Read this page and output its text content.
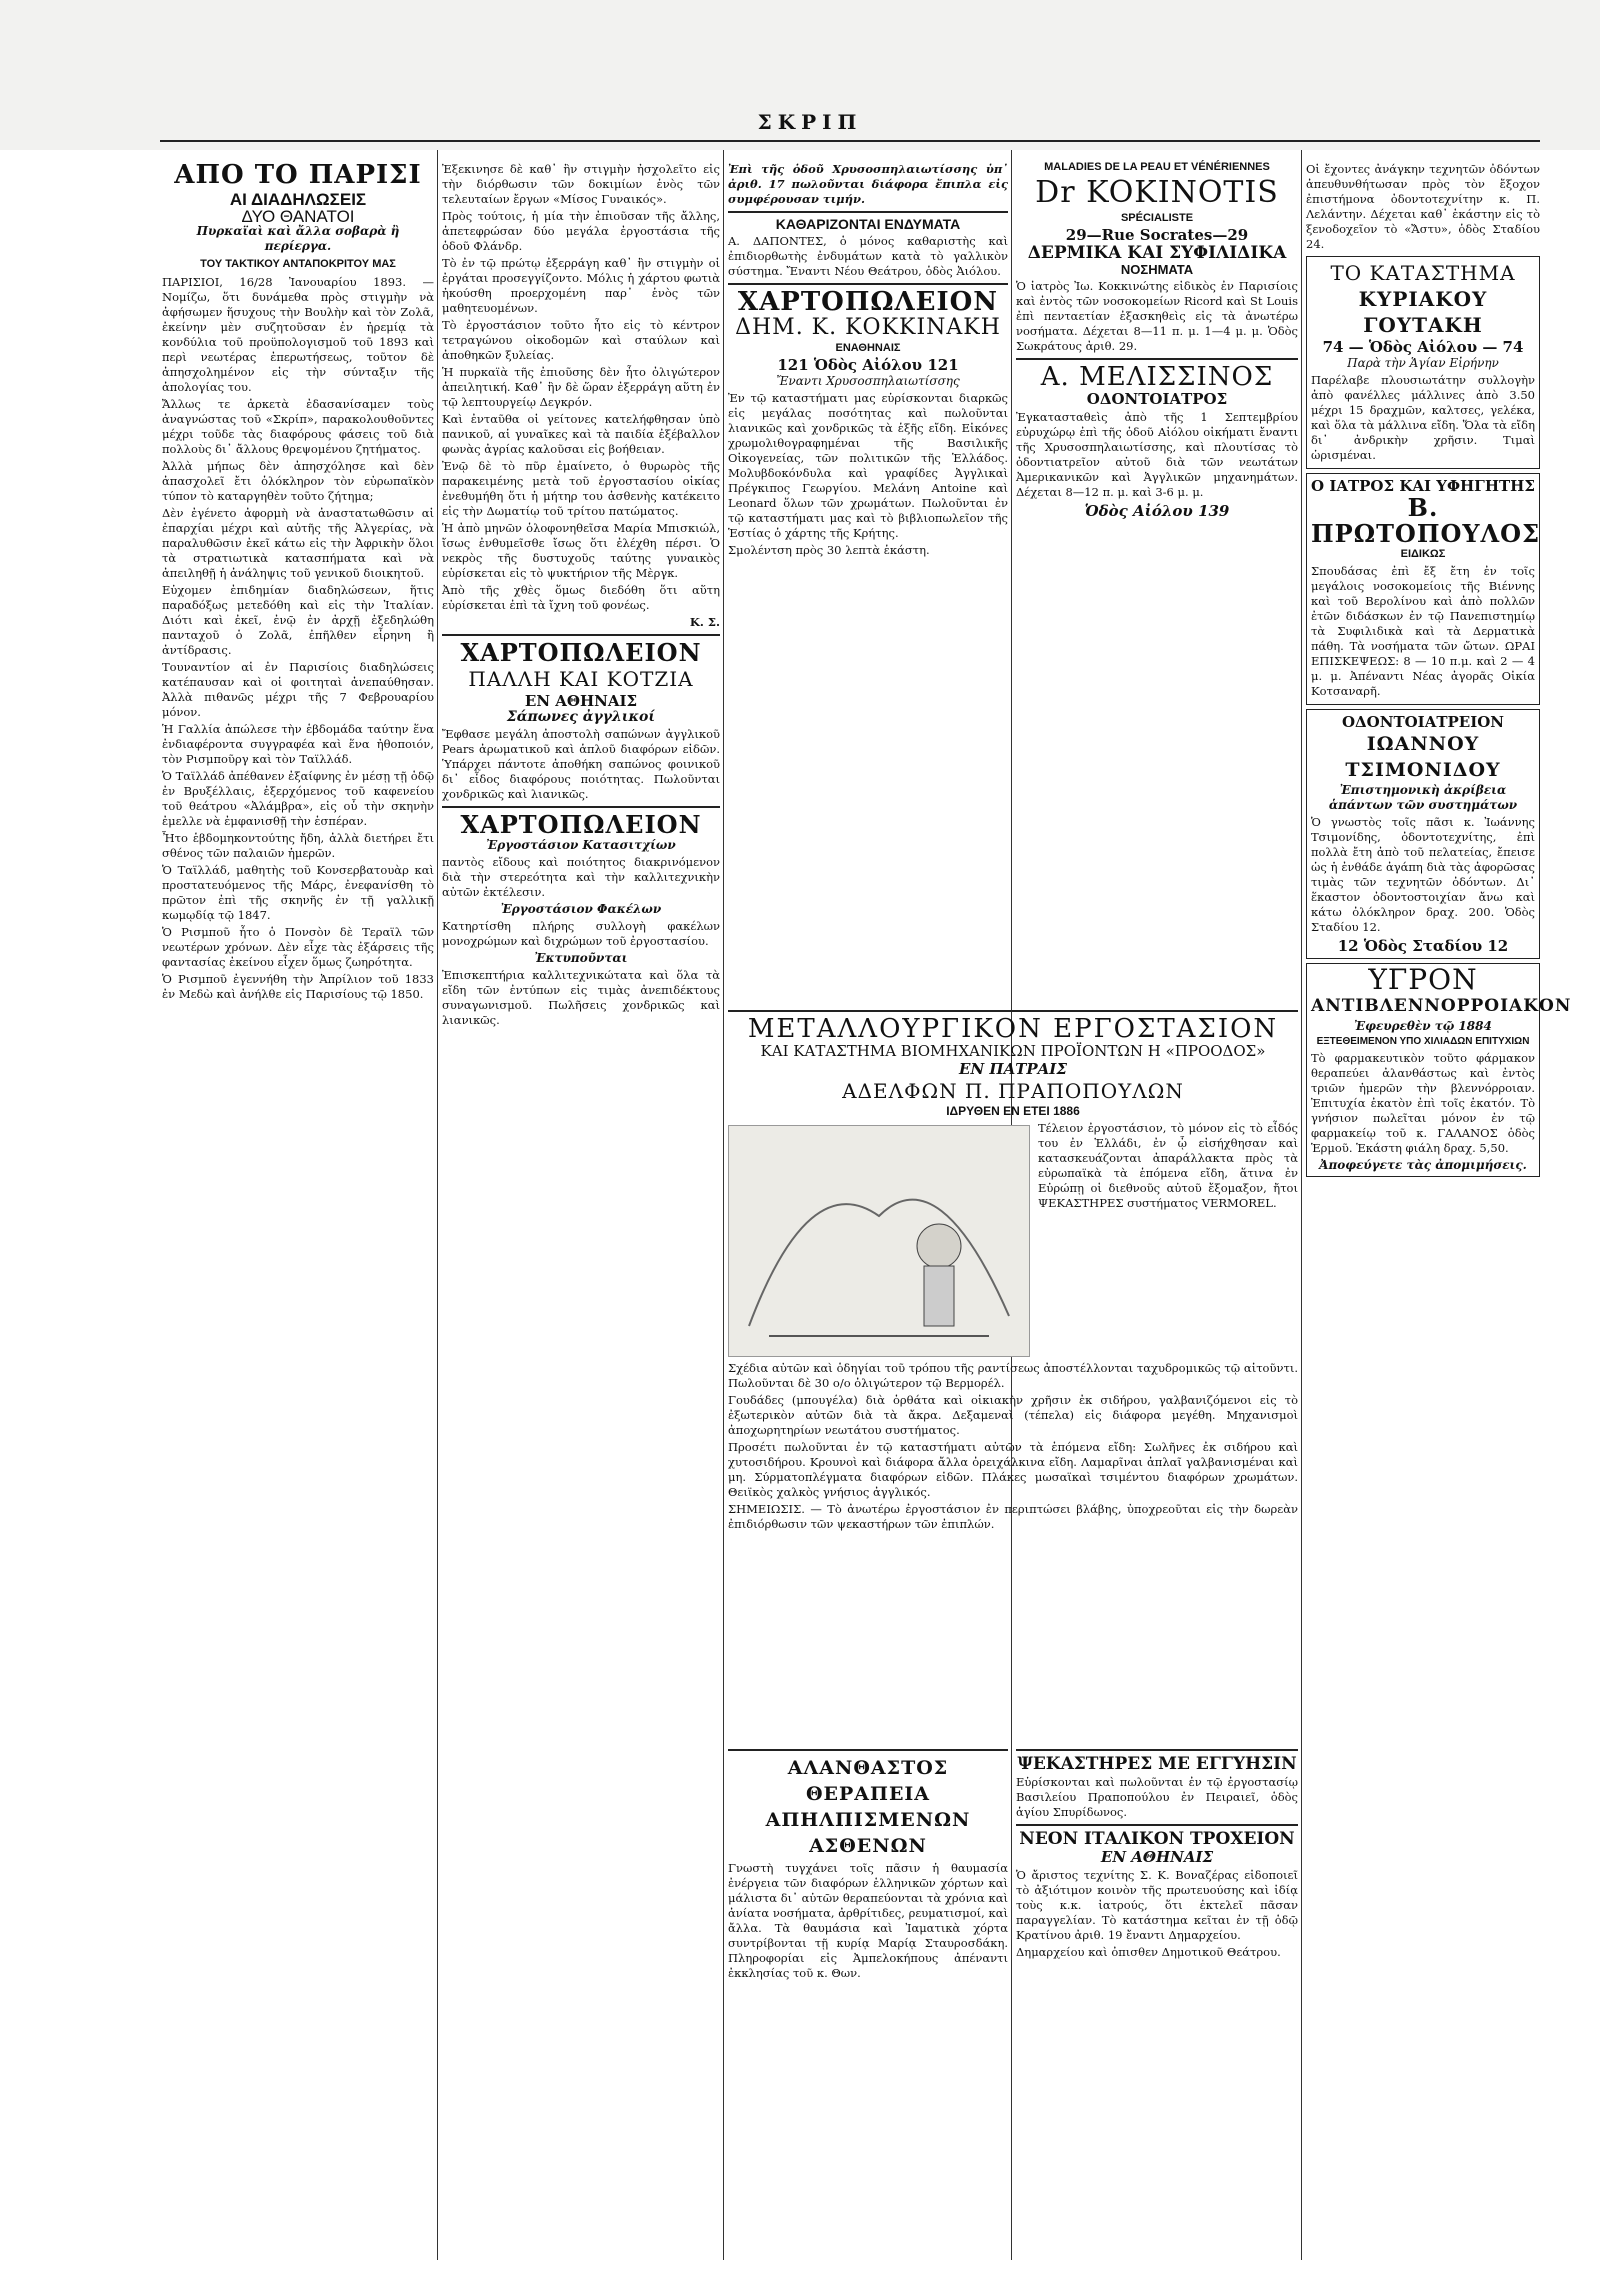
ΣΚΡΙΠ
ΑΠΟ ΤΟ ΠΑΡΙΣΙ
ΑΙ ΔΙΑΔΗΛΩΣΕΙΣ
ΔΥΟ ΘΑΝΑΤΟΙ
Πυρκαϊαὶ καὶ ἄλλα σοβαρὰ ἢ περίεργα.
ΤΟΥ ΤΑΚΤΙΚΟΥ ΑΝΤΑΠΟΚΡΙΤΟΥ ΜΑΣ

ΠΑΡΙΣΙΟΙ, 16/28 Ἰανουαρίου 1893. — Νομίζω, ὅτι δυνάμεθα πρὸς στιγμὴν νὰ ἀφήσωμεν ἥσυχους τὴν Βουλὴν καὶ τὸν Ζολᾶ, ἐκείνην μὲν συζητοῦσαν ἐν ἠρεμίᾳ τὰ κονδύλια τοῦ προϋπολογισμοῦ τοῦ 1893 καὶ περὶ νεωτέρας ἐπερωτήσεως, τοῦτον δὲ ἀπησχολημένον εἰς τὴν σύνταξιν τῆς ἀπολογίας του.

Ἄλλως τε ἀρκετὰ ἐδασανίσαμεν τοὺς ἀναγνώστας τοῦ «Σκρίπ», παρακολουθοῦντες μέχρι τοῦδε τὰς διαφόρους φάσεις τοῦ διὰ πολλοὺς δι᾽ ἄλλους θρεψομένου ζητήματος.

Ἀλλὰ μήπως δὲν ἀπησχόλησε καὶ δὲν ἀπασχολεῖ ἔτι ὁλόκληρον τὸν εὐρωπαϊκὸν τύπον τὸ καταργηθὲν τοῦτο ζήτημα;

Δὲν ἐγένετο ἀφορμὴ νὰ ἀναστατωθῶσιν αἱ ἐπαρχίαι μέχρι καὶ αὐτῆς τῆς Ἀλγερίας, νὰ παραλυθῶσιν ἐκεῖ κάτω εἰς τὴν Ἀφρικὴν ὅλοι τὰ στρατιωτικὰ κατασπήματα καὶ νὰ ἀπειληθῇ ἡ ἀνάληψις τοῦ γενικοῦ διοικητοῦ.

Εὐχομεν ἐπιδημίαν διαδηλώσεων, ἥτις παραδόξως μετεδόθη καὶ εἰς τὴν Ἰταλίαν. Διότι καὶ ἐκεῖ, ἐνῷ ἐν ἀρχῇ ἐξεδηλώθη πανταχοῦ ὁ Ζολᾶ, ἐπῆλθεν εἶρηνη ἢ ἀντίδρασις.

Τουναντίον αἱ ἐν Παρισίοις διαδηλώσεις κατέπαυσαν καὶ οἱ φοιτηταὶ ἀνεπαύθησαν. Ἀλλὰ πιθανῶς μέχρι τῆς 7 Φεβρουαρίου μόνον.

Ἡ Γαλλία ἀπώλεσε τὴν ἑβδομάδα ταύτην ἕνα ἐνδιαφέροντα συγγραφέα καὶ ἕνα ἠθοποιόν, τὸν Ρισμποῦργ καὶ τὸν Ταϊλλάδ.

Ὁ Ταϊλλάδ ἀπέθανεν ἐξαίφνης ἐν μέσῃ τῇ ὁδῷ ἐν Βρυξέλλαις, ἐξερχόμενος τοῦ καφενείου τοῦ θεάτρου «Ἀλάμβρα», εἰς οὗ τὴν σκηνὴν ἐμελλε νὰ ἐμφανισθῇ τὴν ἑσπέραν.

Ἦτο ἑβδομηκοντούτης ἤδη, ἀλλὰ διετήρει ἔτι σθένος τῶν παλαιῶν ἡμερῶν.

Ὁ Ταϊλλάδ, μαθητὴς τοῦ Κονσερβατουὰρ καὶ προστατευόμενος τῆς Μάρς, ἐνεφανίσθη τὸ πρῶτον ἐπὶ τῆς σκηνῆς ἐν τῇ γαλλικῇ κωμῳδίᾳ τῷ 1847.

Ὁ Ρισμποῦ ἦτο ὁ Πονσὸν δὲ Τεραϊλ τῶν νεωτέρων χρόνων. Δὲν εἶχε τὰς ἐξάρσεις τῆς φαντασίας ἐκείνου εἶχεν ὅμως ζωηρότητα.

Ὁ Ρισμποῦ ἐγεννήθη τὴν Ἀπρίλιον τοῦ 1833 ἐν Μεδὼ καὶ ἀνήλθε εἰς Παρισίους τῷ 1850.

Ἐξεκινησε δὲ καθ᾽ ἣν στιγμὴν ἠσχολεῖτο εἰς τὴν διόρθωσιν τῶν δοκιμίων ἑνὸς τῶν τελευταίων ἔργων «Μίσος Γυναικός».

Πρὸς τούτοις, ἡ μία τὴν ἐπιοῦσαν τῆς ἄλλης, ἀπετεφρώσαν δύο μεγάλα ἐργοστάσια τῆς ὁδοῦ Φλάνδρ.

Τὸ ἐν τῷ πρώτῳ ἐξερράγη καθ᾽ ἣν στιγμὴν οἱ ἐργάται προσεγγίζοντο. Μόλις ἡ χάρτου φωτιὰ ἠκούσθη προερχομένη παρ᾽ ἑνὸς τῶν μαθητευομένων.

Τὸ ἐργοστάσιον τοῦτο ἦτο εἰς τὸ κέντρον τετραγώνου οἰκοδομῶν καὶ σταύλων καὶ ἀποθηκῶν ξυλείας.

Ἡ πυρκαϊὰ τῆς ἐπιοῦσης δὲν ἦτο ὀλιγώτερον ἀπειλητική. Καθ᾽ ἣν δὲ ὥραν ἐξερράγη αὕτη ἐν τῷ λεπτουργείῳ Δεγκρόν.

Καὶ ἐνταῦθα οἱ γείτονες κατελήφθησαν ὑπὸ πανικοῦ, αἱ γυναῖκες καὶ τὰ παιδία ἐξέβαλλον φωνὰς ἀγρίας καλοῦσαι εἰς βοήθειαν.

Ἐνῷ δὲ τὸ πῦρ ἐμαίνετο, ὁ θυρωρὸς τῆς παρακειμένης μετὰ τοῦ ἐργοστασίου οἰκίας ἐνεθυμήθη ὅτι ἡ μήτηρ του ἀσθενὴς κατέκειτο εἰς τὴν Δωματίῳ τοῦ τρίτου πατώματος.

Ἡ ἀπὸ μηνῶν ὁλοφονηθεῖσα Μαρία Μπισκιώλ, ἴσως ἐνθυμεῖσθε ἴσως ὅτι ἐλέχθη πέρσι. Ὁ νεκρὸς τῆς δυστυχοῦς ταύτης γυναικὸς εὑρίσκεται εἰς τὸ ψυκτήριον τῆς Μὲργκ.

Ἀπὸ τῆς χθὲς ὅμως διεδόθη ὅτι αὕτη εὑρίσκεται ἐπὶ τὰ ἴχνη τοῦ φονέως.

Κ. Σ.
ΧΑΡΤΟΠΩΛΕΙΟΝ
ΠΑΛΛΗ ΚΑΙ ΚΟΤΖΙΑ
ΕΝ ΑΘΗΝΑΙΣ
Σάπωνες ἀγγλικοί

Ἔφθασε μεγάλη ἀποστολὴ σαπώνων ἀγγλικοῦ Pears ἀρωματικοῦ καὶ ἁπλοῦ διαφόρων εἰδῶν. Ὑπάρχει πάντοτε ἀποθήκη σαπώνος φοινικοῦ δι᾽ εἶδος διαφόρους ποιότητας. Πωλοῦνται χονδρικῶς καὶ λιανικῶς.

ΧΑΡΤΟΠΩΛΕΙΟΝ
Ἐργοστάσιον Κατασιτχίων

παντὸς εἴδους καὶ ποιότητος διακρινόμενον διὰ τὴν στερεότητα καὶ τὴν καλλιτεχνικὴν αὐτῶν ἐκτέλεσιν.

Ἐργοστάσιον Φακέλων

Κατηρτίσθη πλήρης συλλογὴ φακέλων μονοχρώμων καὶ διχρώμων τοῦ ἐργοστασίου.

Ἐκτυποῦνται

Ἐπισκεπτήρια καλλιτεχνικώτατα καὶ ὅλα τὰ εἴδη τῶν ἐντύπων εἰς τιμὰς ἀνεπιδέκτους συναγωνισμοῦ. Πωλῆσεις χονδρικῶς καὶ λιανικῶς.

Ἐπὶ τῆς ὁδοῦ Χρυσοσπηλαιωτίσσης ὑπ᾽ ἀριθ. 17 πωλοῦνται διάφορα ἔπιπλα εἰς συμφέρουσαν τιμήν.

ΚΑΘΑΡΙΖΟΝΤΑΙ ΕΝΔΥΜΑΤΑ

Α. ΔΑΠΟΝΤΕΣ, ὁ μόνος καθαριστὴς καὶ ἐπιδιορθωτὴς ἐνδυμάτων κατὰ τὸ γαλλικὸν σύστημα. Ἔναντι Νέου Θεάτρου, ὁδὸς Ἀιόλου.

ΧΑΡΤΟΠΩΛΕΙΟΝ
ΔΗΜ. Κ. ΚΟΚΚΙΝΑΚΗ
ΕΝΑΘΗΝΑΙΣ
121 Ὁδὸς Αἰόλου 121
Ἔναντι Χρυσοσπηλαιωτίσσης

Ἐν τῷ καταστήματι μας εὑρίσκονται διαρκῶς εἰς μεγάλας ποσότητας καὶ πωλοῦνται λιανικῶς καὶ χονδρικῶς τὰ ἑξῆς εἴδη. Εἰκόνες χρωμολιθογραφημέναι τῆς Βασιλικῆς Οἰκογενείας, τῶν πολιτικῶν τῆς Ἑλλάδος. Μολυβδοκόνδυλα καὶ γραφίδες Ἀγγλικαὶ Πρέγκιπος Γεωργίου. Μελάνη Antoine καὶ Leonard ὅλων τῶν χρωμάτων. Πωλοῦνται ἐν τῷ καταστήματι μας καὶ τὸ βιβλιοπωλεῖον τῆς Ἑστίας ὁ χάρτης τῆς Κρήτης.

Σμολέντση πρὸς 30 λεπτὰ ἑκάστη.

MALADIES DE LA PEAU ET VÉNÉRIENNES
Dr KOKINOTIS
SPÉCIALISTE
29—Rue Socrates—29
ΔΕΡΜΙΚΑ ΚΑΙ ΣΥΦΙΛΙΔΙΚΑ
ΝΟΣΗΜΑΤΑ

Ὁ ἰατρὸς Ἰω. Κοκκινώτης εἰδικὸς ἐν Παρισίοις καὶ ἐντὸς τῶν νοσοκομείων Ricord καὶ St Louis ἐπὶ πενταετίαν ἐξασκηθεὶς εἰς τὰ ἀνωτέρω νοσήματα. Δέχεται 8—11 π. μ. 1—4 μ. μ. Ὁδὸς Σωκράτους ἀριθ. 29.

Α. ΜΕΛΙΣΣΙΝΟΣ
ΟΔΟΝΤΟΙΑΤΡΟΣ

Ἐγκατασταθεὶς ἀπὸ τῆς 1 Σεπτεμβρίου εὐρυχώρῳ ἐπὶ τῆς ὁδοῦ Αἰόλου οἰκήματι ἔναντι τῆς Χρυσοσπηλαιωτίσσης, καὶ πλουτίσας τὸ ὀδοντιατρεῖον αὐτοῦ διὰ τῶν νεωτάτων Ἀμερικανικῶν καὶ Ἀγγλικῶν μηχανημάτων. Δέχεται 8—12 π. μ. καὶ 3-6 μ. μ.

Ὁδὸς Αἰόλου 139
ΜΕΤΑΛΛΟΥΡΓΙΚΟΝ ΕΡΓΟΣΤΑΣΙΟΝ
ΚΑΙ ΚΑΤΑΣΤΗΜΑ ΒΙΟΜΗΧΑΝΙΚΩΝ ΠΡΟΪΟΝΤΩΝ Η «ΠΡΟΟΔΟΣ»
ΕΝ ΠΑΤΡΑΙΣ
ΑΔΕΛΦΩΝ Π. ΠΡΑΠΟΠΟΥΛΩΝ
ΙΔΡΥΘΕΝ ΕΝ ΕΤΕΙ 1886

Τέλειον ἐργοστάσιον, τὸ μόνον εἰς τὸ εἶδός του ἐν Ἑλλάδι, ἐν ᾧ εἰσήχθησαν καὶ κατασκευάζονται ἀπαράλλακτα πρὸς τὰ εὐρωπαϊκὰ τὰ ἑπόμενα εἴδη, ἅτινα ἐν Εὐρώπῃ οἱ διεθνοῦς αὐτοῦ ἔξομαξον, ἤτοι ΨΕΚΑΣΤΗΡΕΣ συστήματος VERMOREL.

Σχέδια αὐτῶν καὶ ὁδηγίαι τοῦ τρόπου τῆς ραντίσεως ἀποστέλλονται ταχυδρομικῶς τῷ αἰτοῦντι. Πωλοῦνται δὲ 30 ο/ο ὀλιγώτερον τῷ Βερμορέλ.

Γουδάδες (μπουγέλα) διὰ ὁρθάτα καὶ οἰκιακὴν χρῆσιν ἐκ σιδήρου, γαλβανιζόμενοι εἰς τὸ ἐξωτερικὸν αὐτῶν διὰ τὰ ἄκρα. Δεξαμεναὶ (τέπελα) εἰς διάφορα μεγέθη. Μηχανισμοὶ ἀποχωρητηρίων νεωτάτου συστήματος.

Προσέτι πωλοῦνται ἐν τῷ καταστήματι αὐτῶν τὰ ἑπόμενα εἴδη: Σωλῆνες ἐκ σιδήρου καὶ χυτοσιδήρου. Κρουνοὶ καὶ διάφορα ἄλλα ὀρειχάλκινα εἴδη. Λαμαρῖναι ἀπλαῖ γαλβανισμέναι καὶ μη. Σύρματοπλέγματα διαφόρων εἰδῶν. Πλάκες μωσαϊκαὶ τσιμέντου διαφόρων χρωμάτων. Θειϊκὸς χαλκὸς γνήσιος ἀγγλικός.

ΣΗΜΕΙΩΣΙΣ. — Τὸ ἀνωτέρω ἐργοστάσιον ἐν περιπτώσει βλάβης, ὑποχρεοῦται εἰς τὴν δωρεὰν ἐπιδιόρθωσιν τῶν ψεκαστήρων τῶν ἐπιπλών.

ΑΛΑΝΘΑΣΤΟΣ ΘΕΡΑΠΕΙΑ
ΑΠΗΛΠΙΣΜΕΝΩΝ ΑΣΘΕΝΩΝ

Γνωστὴ τυγχάνει τοῖς πᾶσιν ἡ θαυμασία ἐνέργεια τῶν διαφόρων ἑλληνικῶν χόρτων καὶ μάλιστα δι᾽ αὐτῶν θεραπεύονται τὰ χρόνια καὶ ἀνίατα νοσήματα, ἀρθρίτιδες, ρευματισμοί, καὶ ἄλλα. Τὰ θαυμάσια καὶ Ἰαματικὰ χόρτα συντρίβονται τῇ κυρίᾳ Μαρίᾳ Σταυροσδάκη. Πληροφορίαι εἰς Ἀμπελοκήπους ἀπέναντι ἐκκλησίας τοῦ κ. Θων.

ΨΕΚΑΣΤΗΡΕΣ ΜΕ ΕΓΓΥΗΣΙΝ

Εὑρίσκονται καὶ πωλοῦνται ἐν τῷ ἐργοστασίῳ Βασιλείου Πραποπούλου ἐν Πειραιεῖ, ὁδὸς ἁγίου Σπυρίδωνος.

ΝΕΟΝ ΙΤΑΛΙΚΟΝ ΤΡΟΧΕΙΟΝ
ΕΝ ΑΘΗΝΑΙΣ

Ὁ ἄριστος τεχνίτης Σ. Κ. Βοναζέρας εἰδοποιεῖ τὸ ἀξιότιμον κοινὸν τῆς πρωτευούσης καὶ ἰδίᾳ τοὺς κ.κ. ἰατρούς, ὅτι ἐκτελεῖ πᾶσαν παραγγελίαν. Τὸ κατάστημα κεῖται ἐν τῇ ὁδῷ Κρατίνου ἀριθ. 19 ἔναντι Δημαρχείου.

Δημαρχείου καὶ ὀπισθεν Δημοτικοῦ Θεάτρου.

Οἱ ἔχοντες ἀνάγκην τεχνητῶν ὀδόντων ἀπευθυνθήτωσαν πρὸς τὸν ἔξοχον ἐπιστήμονα ὀδοντοτεχνίτην κ. Π. Λελάντην. Δέχεται καθ᾽ ἑκάστην εἰς τὸ ξενοδοχεῖον τὸ «Ἄστυ», ὁδὸς Σταδίου 24.

ΤΟ ΚΑΤΑΣΤΗΜΑ
ΚΥΡΙΑΚΟΥ ΓΟΥΤΑΚΗ
74 — Ὁδὸς Αἰόλου — 74
Παρὰ τὴν Ἁγίαν Εἰρήνην

Παρέλαβε πλουσιωτάτην συλλογὴν ἀπὸ φανέλλες μάλλινες ἀπὸ 3.50 μέχρι 15 δραχμῶν, καλτσες, γελέκα, καὶ ὅλα τὰ μάλλινα εἴδη. Ὅλα τὰ εἴδη δι᾽ ἀνδρικὴν χρῆσιν. Τιμαὶ ὡρισμέναι.

Ο ΙΑΤΡΟΣ ΚΑΙ ΥΦΗΓΗΤΗΣ
Β. ΠΡΩΤΟΠΟΥΛΟΣ
ΕΙΔΙΚΩΣ

Σπουδάσας ἐπὶ ἔξ ἔτη ἐν τοῖς μεγάλοις νοσοκομείοις τῆς Βιέννης καὶ τοῦ Βερολίνου καὶ ἀπὸ πολλῶν ἐτῶν διδάσκων ἐν τῷ Πανεπιστημίῳ τὰ Συφιλιδικὰ καὶ τὰ Δερματικὰ πάθη. Τὰ νοσήματα τῶν ὤτων. ΩΡΑΙ ΕΠΙΣΚΕΨΕΩΣ: 8 — 10 π.μ. καὶ 2 — 4 μ. μ. Ἀπέναντι Νέας ἀγορᾶς Οἰκία Κοτσαναρῆ.

ΟΔΟΝΤΟΙΑΤΡΕΙΟΝ
ΙΩΑΝΝΟΥ ΤΣΙΜΟΝΙΔΟΥ
Ἐπιστημονικὴ ἀκρίβεια ἁπάντων τῶν συστημάτων

Ὁ γνωστὸς τοῖς πᾶσι κ. Ἰωάννης Τσιμονίδης, ὀδοντοτεχνίτης, ἐπὶ πολλὰ ἔτη ἀπὸ τοῦ πελατείας, ἔπεισε ὡς ἡ ἐνθάδε ἀγάπη διὰ τὰς ἀφορῶσας τιμὰς τῶν τεχνητῶν ὀδόντων. Δι᾽ ἕκαστον ὀδοντοστοιχίαν ἄνω καὶ κάτω ὀλόκληρον δραχ. 200. Ὁδὸς Σταδίου 12.

12 Ὁδὸς Σταδίου 12
ΥΓΡΟΝ
ΑΝΤΙΒΛΕΝΝΟΡΡΟΙΑΚΟΝ
Ἐφευρεθὲν τῷ 1884
ΕΞΤΕΘΕΙΜΕΝΟΝ ΥΠΟ ΧΙΛΙΑΔΩΝ ΕΠΙΤΥΧΙΩΝ

Τὸ φαρμακευτικὸν τοῦτο φάρμακον θεραπεύει ἀλανθάστως καὶ ἐντὸς τριῶν ἡμερῶν τὴν βλεννόρροιαν. Ἐπιτυχία ἐκατὸν ἐπὶ τοῖς ἑκατόν. Τὸ γνήσιον πωλεῖται μόνον ἐν τῷ φαρμακείῳ τοῦ κ. ΓΑΛΑΝΟΣ ὁδὸς Ἑρμοῦ. Ἑκάστη φιάλη δραχ. 5,50.

Ἀποφεύγετε τὰς ἀπομιμήσεις.
